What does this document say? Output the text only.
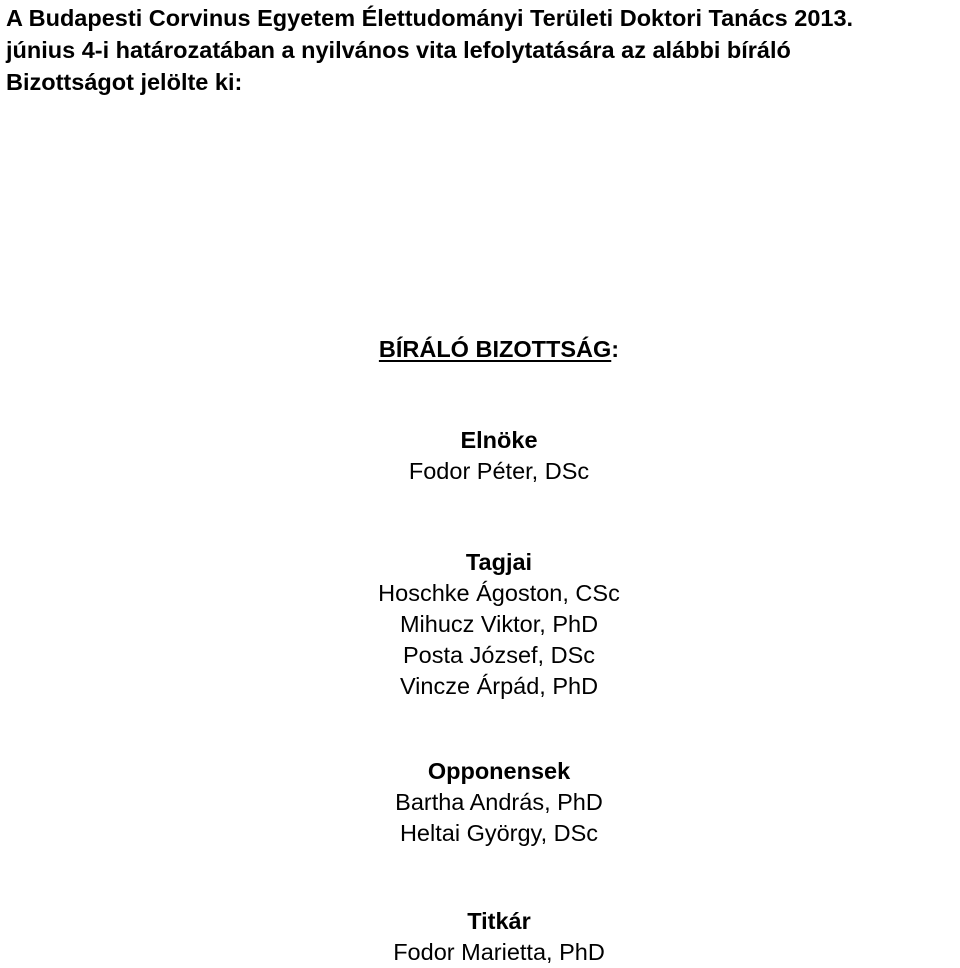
A Budapesti Corvinus Egyetem Élettudományi Területi Doktori Tanács 2013.
június 4-i határozatában a nyilvános vita lefolytatására az alábbi bíráló
Bizottságot jelölte ki:
BÍRÁLÓ BIZOTTSÁG:
Elnöke
Fodor Péter, DSc
Tagjai
Hoschke Ágoston, CSc
Mihucz Viktor, PhD
Posta József, DSc
Vincze Árpád, PhD
Opponensek
Bartha András, PhD
Heltai György, DSc
Titkár
Fodor Marietta, PhD
